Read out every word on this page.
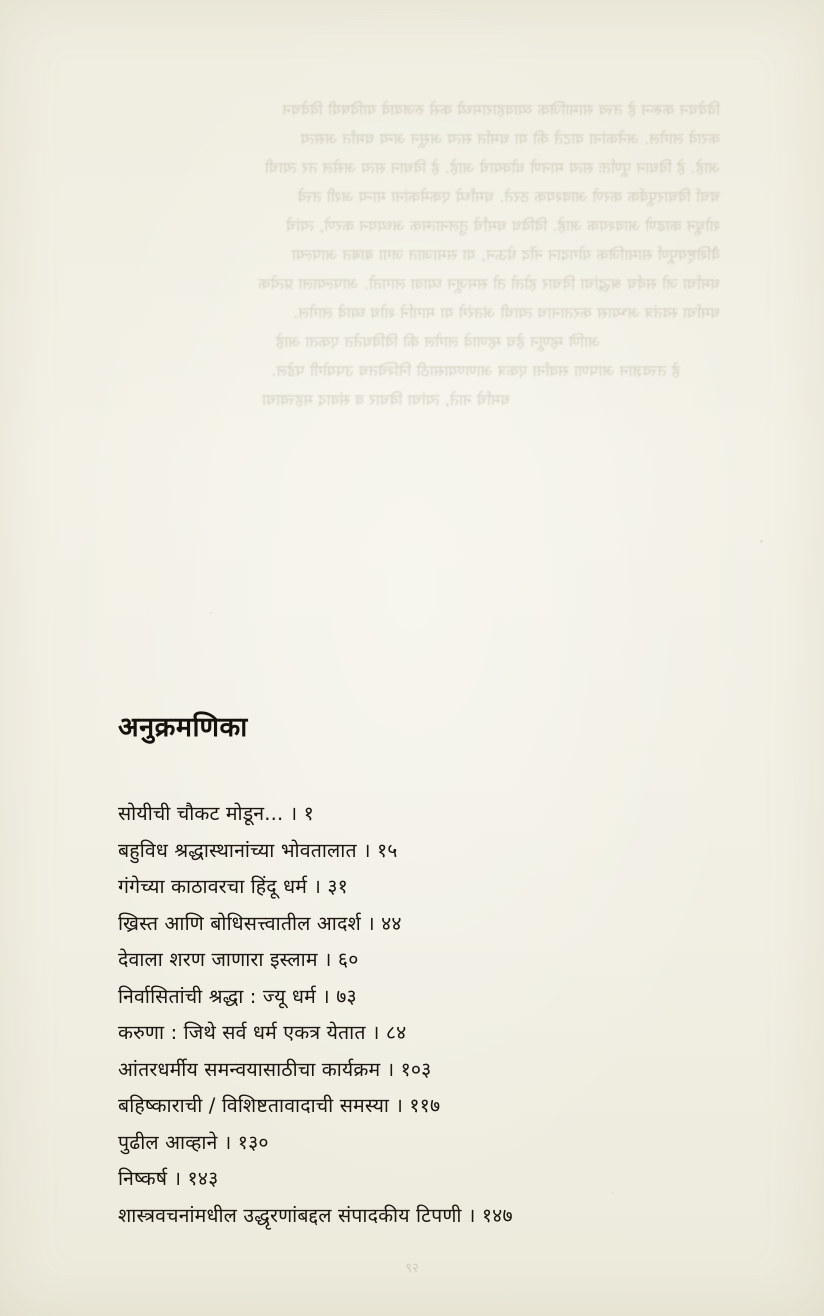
विवेचन करून हे तत्त्व सामाजिक व्यावहारामध्ये कसे रुजवावे याविषयी विवेचन
करावे लागेल. अनेकांना वाटते की या धर्मात सत्य असून अन्य धर्मांत असत्य
आहे. हे विधान पूर्णतः सत्य मानणे धोक्याचे आहे. हे विधान सत्य असेल तर त्याची
चर्चा विचारपूर्वक करणे आवश्यक ठरते. धर्मांध्ये एकमेकांना मान्य अशी तत्त्वे
शोधून काढणे आवश्यक आहे. विविध धर्मांचे तुलनात्मक अध्ययन करणे, त्यांचे
वैशिष्ट्यपूर्ण सामाजिक योगदान नोंद घेऊन, या समाजात जगा बाबत आपल्या
धर्माचा जो सर्वच श्रद्धांचा विचार होतो तो समजून घ्यावा लागतो. आपल्याला प्रत्येक
धर्माचा स्वतंत्र अभ्यास करतानाच त्याची अंतरंगे या मार्गाने शोध घ्यावे लागेल.
आणि म्हणून हेच म्हणावे लागेल की विविधतेत एकता आहे
हे तत्त्वज्ञान आपणा सर्वांना एकत्र आणण्यासाठी निश्चितच उपयोगी पडेल.
धर्मांचे नाते, त्यांचा विचार व संवाद महत्त्वाचा
अनुक्रमणिका
सोयीची चौकट मोडून... । १
बहुविध श्रद्धास्थानांच्या भोवतालात । १५
गंगेच्या काठावरचा हिंदू धर्म । ३१
ख्रिस्त आणि बोधिसत्त्वातील आदर्श । ४४
देवाला शरण जाणारा इस्लाम । ६०
निर्वासितांची श्रद्धा : ज्यू धर्म । ७३
करुणा : जिथे सर्व धर्म एकत्र येतात । ८४
आंतरधर्मीय समन्वयासाठीचा कार्यक्रम । १०३
बहिष्काराची / विशिष्टतावादाची समस्या । ११७
पुढील आव्हाने । १३०
निष्कर्ष । १४३
शास्त्रवचनांमधील उद्धृरणांबद्दल संपादकीय टिपणी । १४७
९२
